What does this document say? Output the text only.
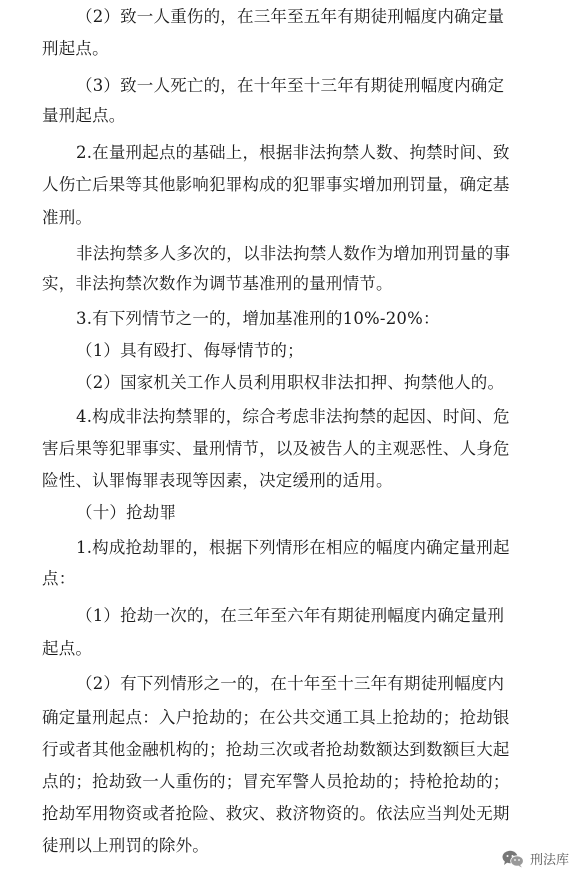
（2）致一人重伤的，在三年至五年有期徒刑幅度内确定量
刑起点。
（3）致一人死亡的，在十年至十三年有期徒刑幅度内确定
量刑起点。
2.在量刑起点的基础上，根据非法拘禁人数、拘禁时间、致
人伤亡后果等其他影响犯罪构成的犯罪事实增加刑罚量，确定基
准刑。
非法拘禁多人多次的，以非法拘禁人数作为增加刑罚量的事
实，非法拘禁次数作为调节基准刑的量刑情节。
3.有下列情节之一的，增加基准刑的10%-20%：
（1）具有殴打、侮辱情节的；
（2）国家机关工作人员利用职权非法扣押、拘禁他人的。
4.构成非法拘禁罪的，综合考虑非法拘禁的起因、时间、危
害后果等犯罪事实、量刑情节，以及被告人的主观恶性、人身危
险性、认罪悔罪表现等因素，决定缓刑的适用。
（十）抢劫罪
1.构成抢劫罪的，根据下列情形在相应的幅度内确定量刑起
点：
（1）抢劫一次的，在三年至六年有期徒刑幅度内确定量刑
起点。
（2）有下列情形之一的，在十年至十三年有期徒刑幅度内
确定量刑起点：入户抢劫的；在公共交通工具上抢劫的；抢劫银
行或者其他金融机构的；抢劫三次或者抢劫数额达到数额巨大起
点的；抢劫致一人重伤的；冒充军警人员抢劫的；持枪抢劫的；
抢劫军用物资或者抢险、救灾、救济物资的。依法应当判处无期
徒刑以上刑罚的除外。
刑法库
